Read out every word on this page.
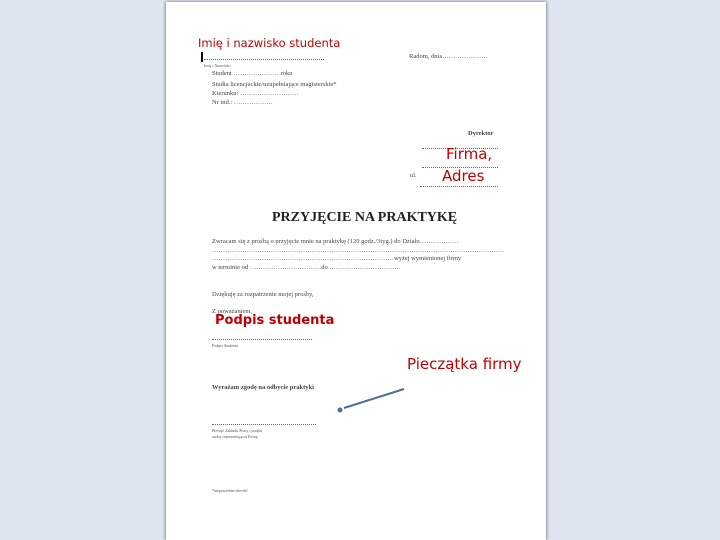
Imię i Nazwisko
Radom, dnia…………………
Student ………………… roku
Studia licencjackie/uzupełniające magisterskie*
Kierunku: ………………………
Nr ind.: ………………
Dyrektor
ul.
PRZYJĘCIE NA PRAKTYKĘ
Zwracam się z prośbą o przyjęcie mnie na praktykę (120 godz./3tyg.) do Działu………………
………………………………………………………………………………………………………………………
…………………………………………………………………………wyżej wymienionej firmy
w terminie od ……………………………do ……………………………
Dziękuję za rozpatrzenie mojej prośby,
Z poważaniem,
Podpis Studenta
Wyrażam zgodę na odbycie praktyki
Pieczęć Zakładu Pracy i podpis
osoby reprezentującej Firmę
*niepotrzebne skreślić
Imię i nazwisko studenta
Firma,
Adres
Podpis studenta
Pieczątka firmy
